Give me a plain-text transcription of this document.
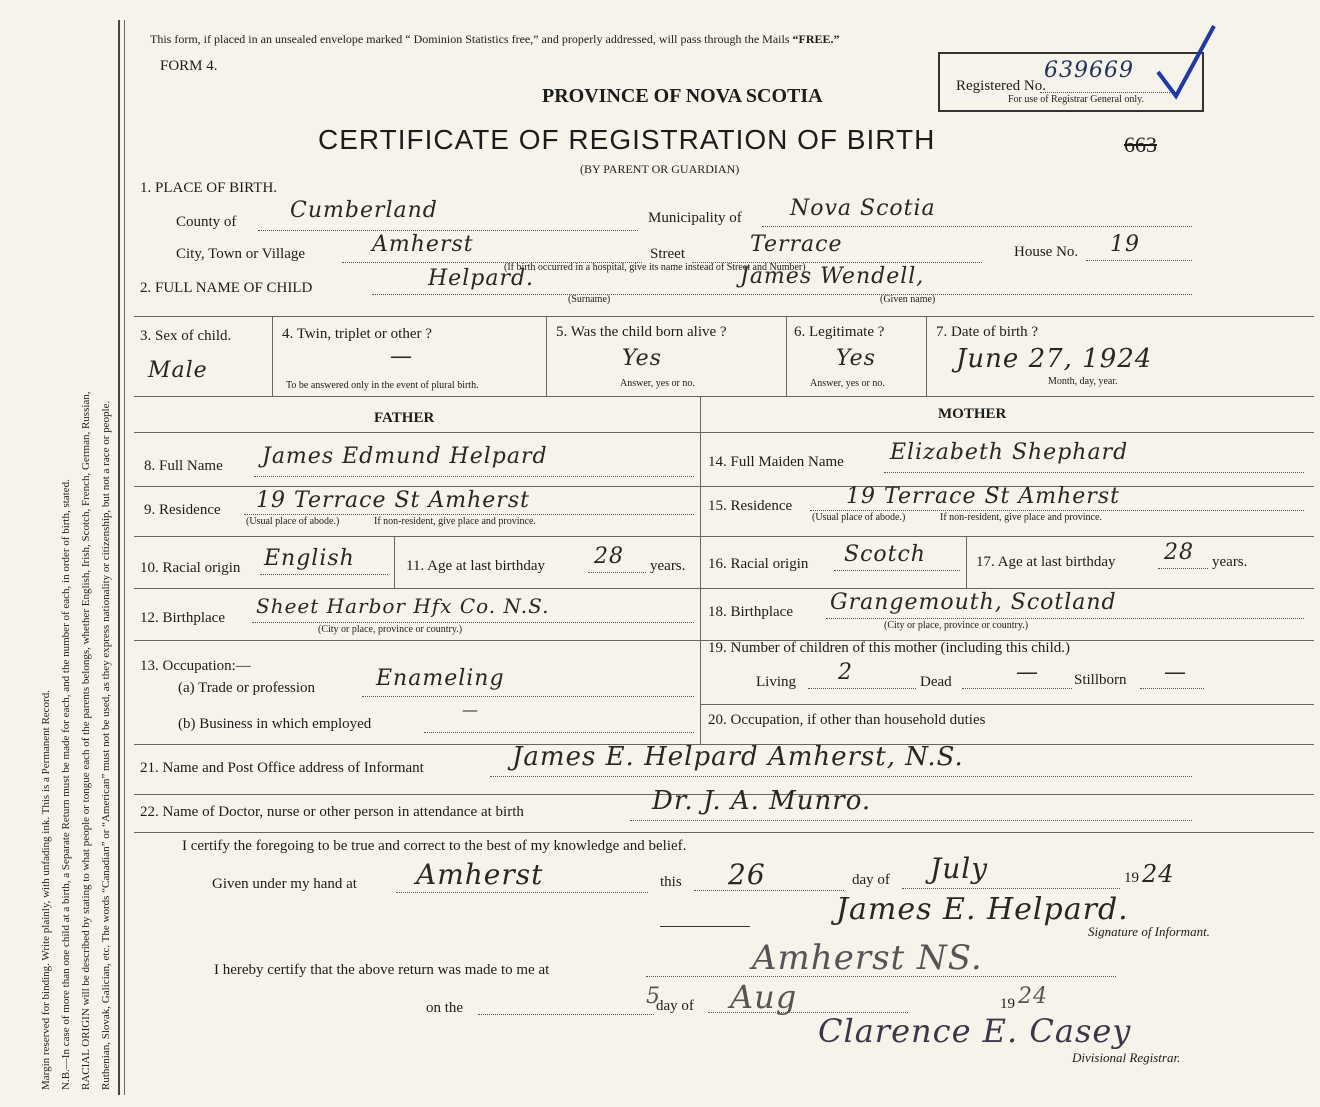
Margin reserved for binding. Write plainly, with unfading ink. This is a Permanent Record. N.B.—In case of more than one child at a birth, a Separate Return must be made for each, and the number of each, in order of birth, stated. RACIAL ORIGIN will be described by stating to what people or tongue each of the parents belongs, whether English, Irish, Scotch, French, German, Russian, Ruthenian, Slovak, Galician, etc. The words “Canadian” or “American” must not be used, as they express nationality or citizenship, but not a race or people.
This form, if placed in an unsealed envelope marked “ Dominion Statistics free,” and properly addressed, will pass through the Mails “FREE.”
FORM 4.
PROVINCE OF NOVA SCOTIA
CERTIFICATE OF REGISTRATION OF BIRTH
(BY PARENT OR GUARDIAN)
663
Registered No.
639669
For use of Registrar General only.
1. PLACE OF BIRTH.
County of Cumberland	Municipality of Nova Scotia
City, Town or Village	Amherst	Street	Terrace	House No. 19
(If birth occurred in a hospital, give its name instead of Street and Number)
2. FULL NAME OF CHILD	Helpard.
(Surname)
James Wendell,
(Given name)
3. Sex of child.
Male
4. Twin, triplet or other ?
—
To be answered only in the event of plural birth.
5. Was the child born alive ?
Yes
Answer, yes or no.
6. Legitimate ?
Yes
Answer, yes or no.
7. Date of birth ?
June 27, 1924
Month, day, year.
FATHER	MOTHER
8. Full Name James Edmund Helpard
9. Residence 19 Terrace St Amherst
(Usual place of abode.)	If non-resident, give place and province.
10. Racial origin English	11. Age at last birthday 28 years.
12. Birthplace Sheet Harbor Hfx Co. N.S.
(City or place, province or country.)
13. Occupation:—
(a) Trade or profession	Enameling
(b) Business in which employed
—
14. Full Maiden Name Elizabeth Shephard
15. Residence 19 Terrace St Amherst
(Usual place of abode.)	If non-resident, give place and province.
16. Racial origin Scotch	17. Age at last birthday 28 years.
18. Birthplace Grangemouth, Scotland
(City or place, province or country.)
19. Number of children of this mother (including this child.)
Living 2	Dead	— Stillborn —
20. Occupation, if other than household duties
21. Name and Post Office address of Informant	James E. Helpard Amherst, N.S.
22. Name of Doctor, nurse or other person in attendance at birth	Dr. J. A. Munro.
I certify the foregoing to be true and correct to the best of my knowledge and belief.
Given under my hand at Amherst	this 26	day of July	19 24
James E. Helpard.
Signature of Informant.
I hereby certify that the above return was made to me at	Amherst NS.
on the	5
day of Aug	19 24
Clarence E. Casey
Divisional Registrar.
